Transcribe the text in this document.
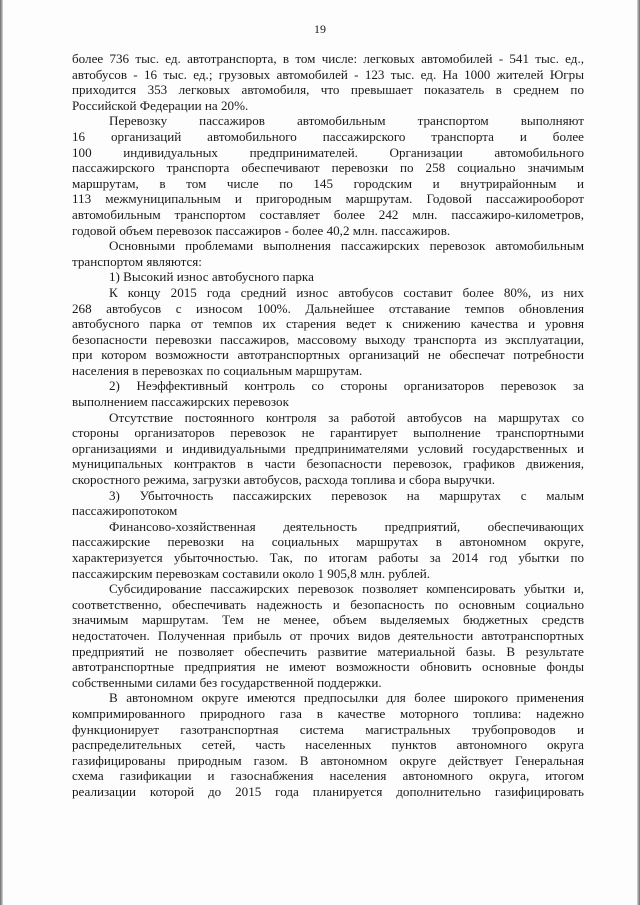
19
более 736 тыс. ед. автотранспорта, в том числе: легковых автомобилей - 541 тыс. ед.,
автобусов - 16 тыс. ед.; грузовых автомобилей - 123 тыс. ед. На 1000 жителей Югры
приходится 353 легковых автомобиля, что превышает показатель в среднем по
Российской Федерации на 20%.
Перевозку пассажиров автомобильным транспортом выполняют
16 организаций автомобильного пассажирского транспорта и более
100 индивидуальных предпринимателей. Организации автомобильного
пассажирского транспорта обеспечивают перевозки по 258 социально значимым
маршрутам, в том числе по 145 городским и внутрирайонным и
113 межмуниципальным и пригородным маршрутам. Годовой пассажирооборот
автомобильным транспортом составляет более 242 млн. пассажиро-километров,
годовой объем перевозок пассажиров - более 40,2 млн. пассажиров.
Основными проблемами выполнения пассажирских перевозок автомобильным
транспортом являются:
1) Высокий износ автобусного парка
К концу 2015 года средний износ автобусов составит более 80%, из них
268 автобусов с износом 100%. Дальнейшее отставание темпов обновления
автобусного парка от темпов их старения ведет к снижению качества и уровня
безопасности перевозки пассажиров, массовому выходу транспорта из эксплуатации,
при котором возможности автотранспортных организаций не обеспечат потребности
населения в перевозках по социальным маршрутам.
2) Неэффективный контроль со стороны организаторов перевозок за
выполнением пассажирских перевозок
Отсутствие постоянного контроля за работой автобусов на маршрутах со
стороны организаторов перевозок не гарантирует выполнение транспортными
организациями и индивидуальными предпринимателями условий государственных и
муниципальных контрактов в части безопасности перевозок, графиков движения,
скоростного режима, загрузки автобусов, расхода топлива и сбора выручки.
3) Убыточность пассажирских перевозок на маршрутах с малым
пассажиропотоком
Финансово-хозяйственная деятельность предприятий, обеспечивающих
пассажирские перевозки на социальных маршрутах в автономном округе,
характеризуется убыточностью. Так, по итогам работы за 2014 год убытки по
пассажирским перевозкам составили около 1 905,8 млн. рублей.
Субсидирование пассажирских перевозок позволяет компенсировать убытки и,
соответственно, обеспечивать надежность и безопасность по основным социально
значимым маршрутам. Тем не менее, объем выделяемых бюджетных средств
недостаточен. Полученная прибыль от прочих видов деятельности автотранспортных
предприятий не позволяет обеспечить развитие материальной базы. В результате
автотранспортные предприятия не имеют возможности обновить основные фонды
собственными силами без государственной поддержки.
В автономном округе имеются предпосылки для более широкого применения
компримированного природного газа в качестве моторного топлива: надежно
функционирует газотранспортная система магистральных трубопроводов и
распределительных сетей, часть населенных пунктов автономного округа
газифицированы природным газом. В автономном округе действует Генеральная
схема газификации и газоснабжения населения автономного округа, итогом
реализации которой до 2015 года планируется дополнительно газифицировать
